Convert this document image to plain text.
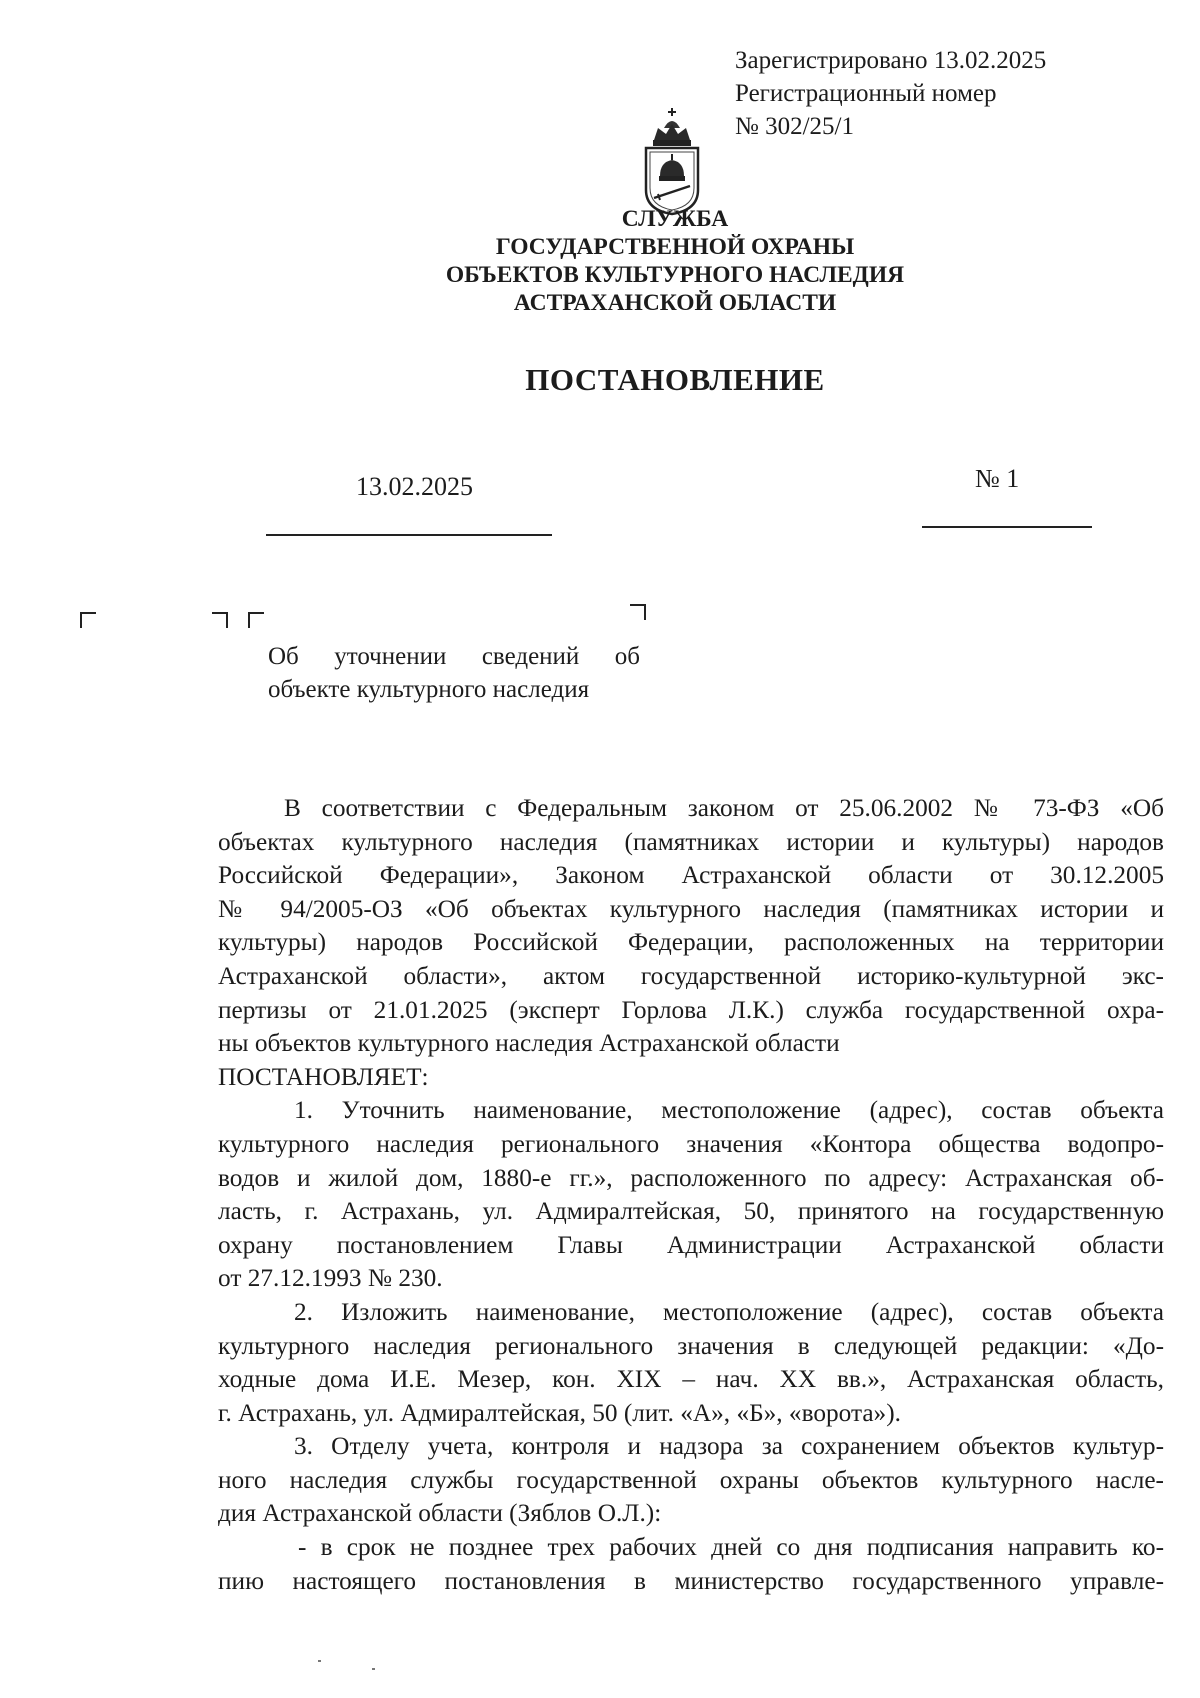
Зарегистрировано 13.02.2025
Регистрационный номер
№ 302/25/1
СЛУЖБА
ГОСУДАРСТВЕННОЙ ОХРАНЫ
ОБЪЕКТОВ КУЛЬТУРНОГО НАСЛЕДИЯ
АСТРАХАНСКОЙ ОБЛАСТИ
ПОСТАНОВЛЕНИЕ
13.02.2025	№ 1
Об уточнении сведений об
объекте культурного наследия
В соответствии с Федеральным законом от 25.06.2002 № 73-ФЗ «Об
объектах культурного наследия (памятниках истории и культуры) народов
Российской Федерации», Законом Астраханской области от 30.12.2005
№ 94/2005-ОЗ «Об объектах культурного наследия (памятниках истории и
культуры) народов Российской Федерации, расположенных на территории
Астраханской области», актом государственной историко-культурной экс-
пертизы от 21.01.2025 (эксперт Горлова Л.К.) служба государственной охра-
ны объектов культурного наследия Астраханской области
ПОСТАНОВЛЯЕТ:
1. Уточнить наименование, местоположение (адрес), состав объекта
культурного наследия регионального значения «Контора общества водопро-
водов и жилой дом, 1880-е гг.», расположенного по адресу: Астраханская об-
ласть, г. Астрахань, ул. Адмиралтейская, 50, принятого на государственную
охрану постановлением Главы Администрации Астраханской области
от 27.12.1993 № 230.
2. Изложить наименование, местоположение (адрес), состав объекта
культурного наследия регионального значения в следующей редакции: «До-
ходные дома И.Е. Мезер, кон. XIX – нач. XX вв.», Астраханская область,
г. Астрахань, ул. Адмиралтейская, 50 (лит. «А», «Б», «ворота»).
3. Отделу учета, контроля и надзора за сохранением объектов культур-
ного наследия службы государственной охраны объектов культурного насле-
дия Астраханской области (Зяблов О.Л.):
- в срок не позднее трех рабочих дней со дня подписания направить ко-
пию настоящего постановления в министерство государственного управле-
